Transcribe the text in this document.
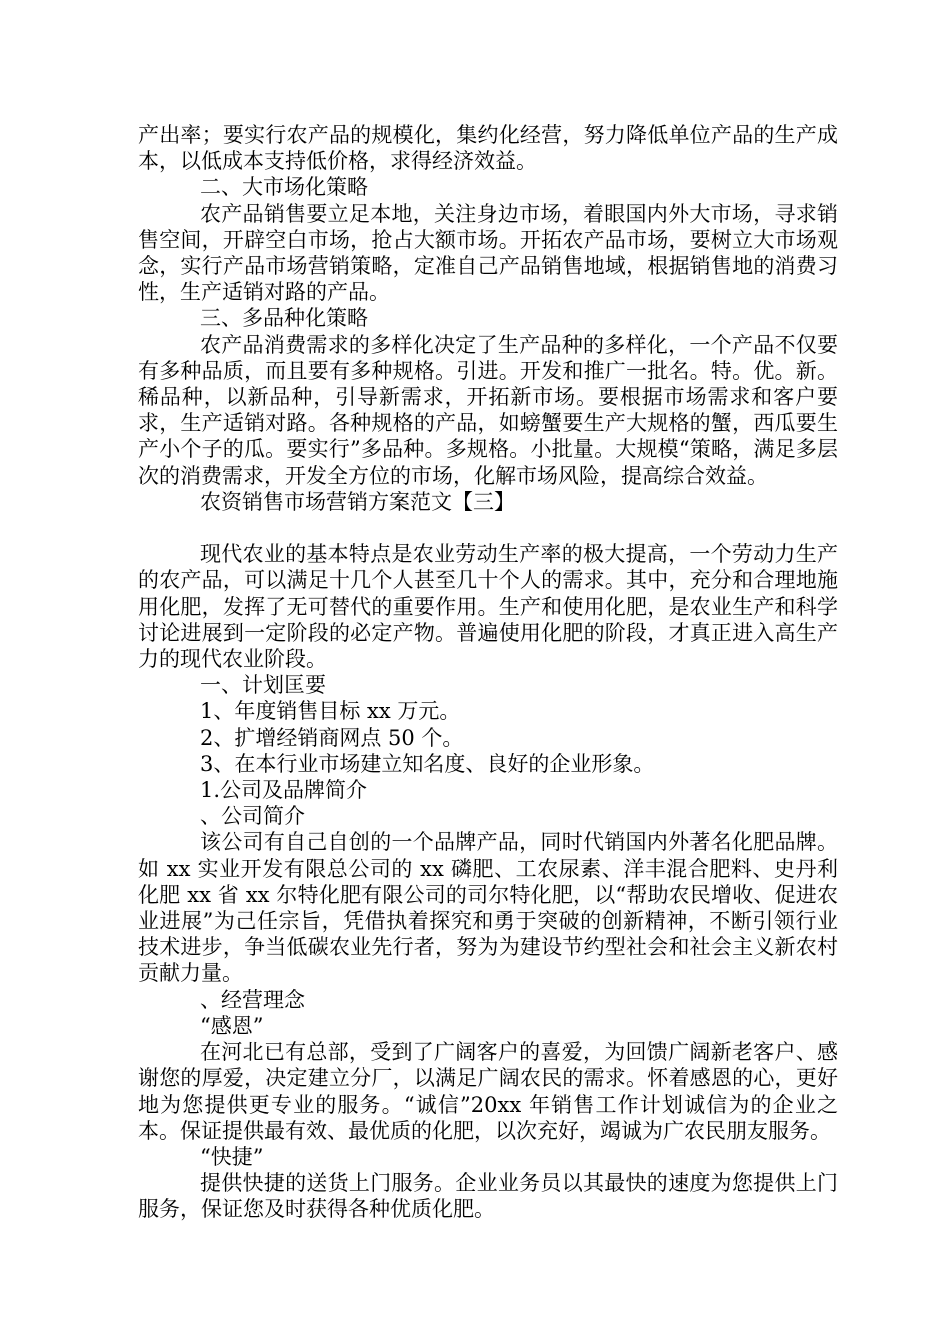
产出率；要实行农产品的规模化，集约化经营，努力降低单位产品的生产成本，以低成本支持低价格，求得经济效益。

二、大市场化策略

农产品销售要立足本地，关注身边市场，着眼国内外大市场，寻求销售空间，开辟空白市场，抢占大额市场。开拓农产品市场，要树立大市场观念，实行产品市场营销策略，定准自己产品销售地域，根据销售地的消费习性，生产适销对路的产品。

三、多品种化策略

农产品消费需求的多样化决定了生产品种的多样化，一个产品不仅要有多种品质，而且要有多种规格。引进。开发和推广一批名。特。优。新。稀品种，以新品种，引导新需求，开拓新市场。要根据市场需求和客户要求，生产适销对路。各种规格的产品，如螃蟹要生产大规格的蟹，西瓜要生产小个子的瓜。要实行”多品种。多规格。小批量。大规模“策略，满足多层次的消费需求，开发全方位的市场，化解市场风险，提高综合效益。

农资销售市场营销方案范文【三】

现代农业的基本特点是农业劳动生产率的极大提高，一个劳动力生产的农产品，可以满足十几个人甚至几十个人的需求。其中，充分和合理地施用化肥，发挥了无可替代的重要作用。生产和使用化肥，是农业生产和科学讨论进展到一定阶段的必定产物。普遍使用化肥的阶段，才真正进入高生产力的现代农业阶段。

一、计划匡要

1、年度销售目标 xx 万元。

2、扩增经销商网点 50 个。

3、在本行业市场建立知名度、良好的企业形象。

1.公司及品牌简介

、公司简介

该公司有自己自创的一个品牌产品，同时代销国内外著名化肥品牌。如 xx 实业开发有限总公司的 xx 磷肥、工农尿素、洋丰混合肥料、史丹利化肥 xx 省 xx 尔特化肥有限公司的司尔特化肥，以“帮助农民增收、促进农业进展”为己任宗旨，凭借执着探究和勇于突破的创新精神，不断引领行业技术进步，争当低碳农业先行者，努为为建设节约型社会和社会主义新农村贡献力量。

、经营理念

“感恩”

在河北已有总部，受到了广阔客户的喜爱，为回馈广阔新老客户、感谢您的厚爱，决定建立分厂，以满足广阔农民的需求。怀着感恩的心，更好地为您提供更专业的服务。“诚信”20xx 年销售工作计划诚信为的企业之本。保证提供最有效、最优质的化肥，以次充好，竭诚为广农民朋友服务。

“快捷”

提供快捷的送货上门服务。企业业务员以其最快的速度为您提供上门服务，保证您及时获得各种优质化肥。
